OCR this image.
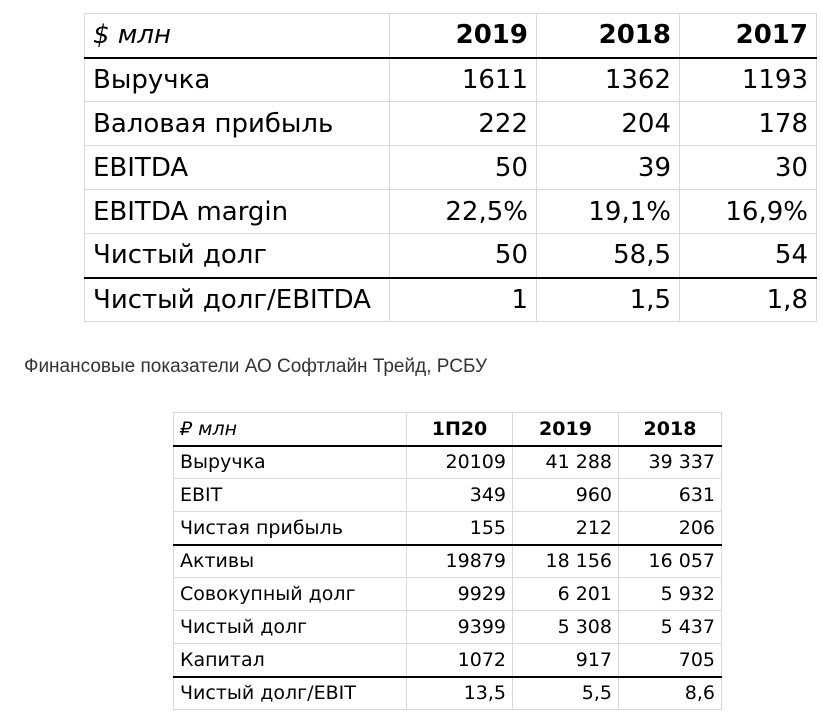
$ млн	2019	2018	2017
Выручка	1611	1362	1193
Валовая прибыль	222	204	178
EBITDA	50	39	30
EBITDA margin	22,5%	19,1%	16,9%
Чистый долг	50	58,5	54
Чистый долг/EBITDA	1	1,5	1,8
Финансовые показатели АО Софтлайн Трейд, РСБУ
₽ млн	1П20	2019	2018
Выручка	20109	41 288	39 337
EBIT	349	960	631
Чистая прибыль	155	212	206
Активы	19879	18 156	16 057
Совокупный долг	9929	6 201	5 932
Чистый долг	9399	5 308	5 437
Капитал	1072	917	705
Чистый долг/EBIT	13,5	5,5	8,6
